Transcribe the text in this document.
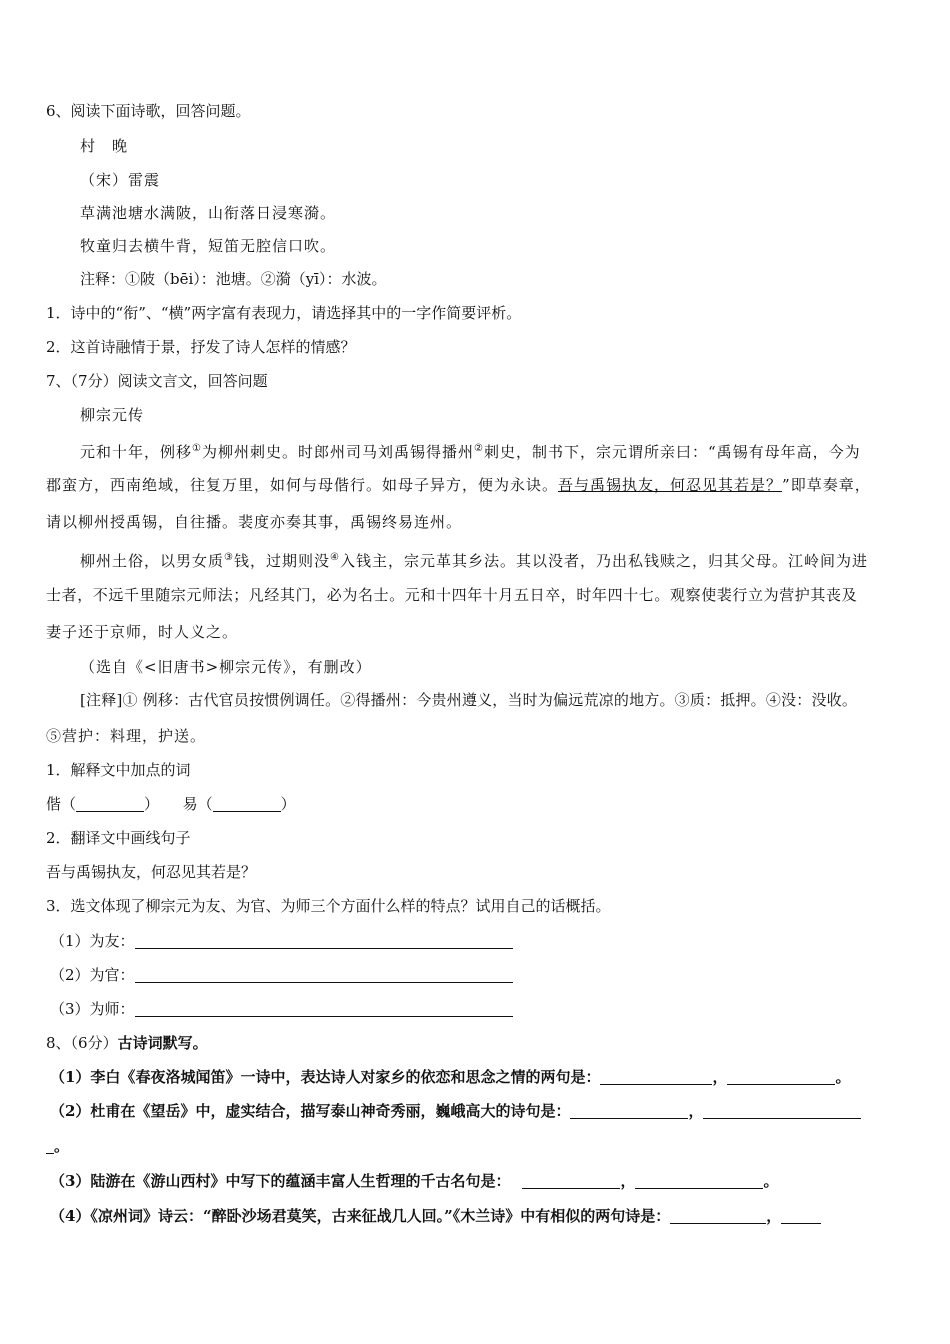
6、阅读下面诗歌，回答问题。
村　晚
（宋）雷震
草满池塘水满陂，山衔落日浸寒漪。
牧童归去横牛背，短笛无腔信口吹。
注释：①陂（bēi）：池塘。②漪（yī）：水波。
1．诗中的“衔”、“横”两字富有表现力，请选择其中的一字作简要评析。
2．这首诗融情于景，抒发了诗人怎样的情感？
7、（7分）阅读文言文，回答问题
柳宗元传
元和十年，例移①为柳州刺史。时郎州司马刘禹锡得播州②刺史，制书下，宗元谓所亲曰：“禹锡有母年高，今为
郡蛮方，西南绝域，往复万里，如何与母偕行。如母子异方，便为永诀。吾与禹锡执友，何忍见其若是？”即草奏章，
请以柳州授禹锡，自往播。裴度亦奏其事，禹锡终易连州。
柳州土俗，以男女质③钱，过期则没④入钱主，宗元革其乡法。其以没者，乃出私钱赎之，归其父母。江岭间为进
士者，不远千里随宗元师法；凡经其门，必为名士。元和十四年十月五日卒，时年四十七。观察使裴行立为营护其丧及
妻子还于京师，时人义之。
（选自《<旧唐书>柳宗元传》，有删改）
[注释]① 例移：古代官员按惯例调任。②得播州：今贵州遵义，当时为偏远荒凉的地方。③质：抵押。④没：没收。
⑤营护：料理，护送。
1．解释文中加点的词
偕（	） 易（	）
2．翻译文中画线句子
吾与禹锡执友，何忍见其若是？
3．选文体现了柳宗元为友、为官、为师三个方面什么样的特点？试用自己的话概括。
（1）为友：
（2）为官：
（3）为师：
8、（6分）古诗词默写。
（1）李白《春夜洛城闻笛》一诗中，表达诗人对家乡的依恋和思念之情的两句是：	，	。
（2）杜甫在《望岳》中，虚实结合，描写泰山神奇秀丽，巍峨高大的诗句是：	，
。
（3）陆游在《游山西村》中写下的蕴涵丰富人生哲理的千古名句是：	，	。
（4）《凉州词》诗云：“醉卧沙场君莫笑，古来征战几人回。”《木兰诗》中有相似的两句诗是：	，
